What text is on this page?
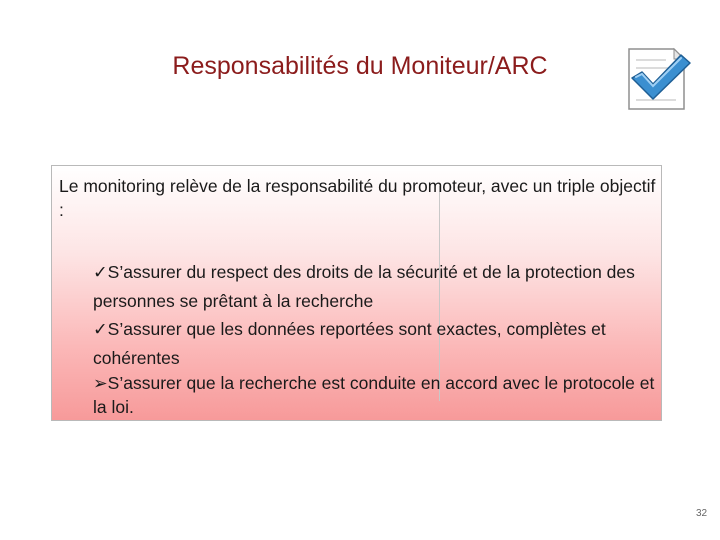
Responsabilités du Moniteur/ARC
Le monitoring relève de la responsabilité du promoteur, avec un triple objectif :
✓S’assurer du respect des droits de la sécurité et de la protection des personnes se prêtant à la recherche
✓S’assurer que les données reportées sont exactes, complètes et cohérentes
➢S’assurer que la recherche est conduite en accord avec le protocole et la loi.
32
